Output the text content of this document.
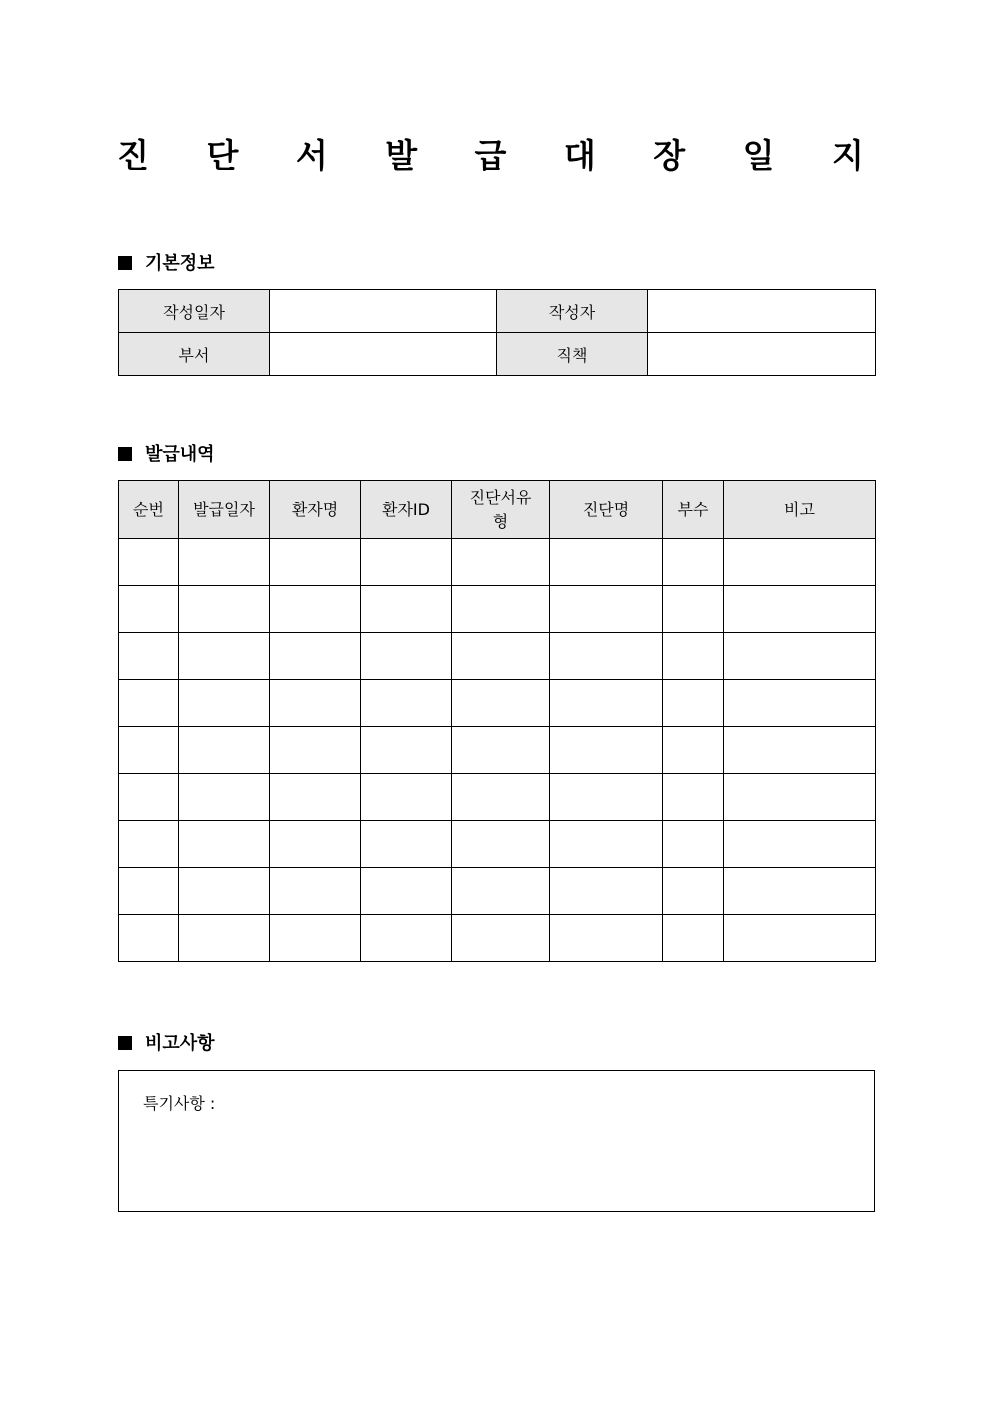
진 단 서 발 급 대 장 일 지
기본정보
작성일자		작성자	
부서		직책	
발급내역
순번	발급일자	환자명	환자ID	진단서유형	진단명	부수	비고

비고사항
특기사항 :
